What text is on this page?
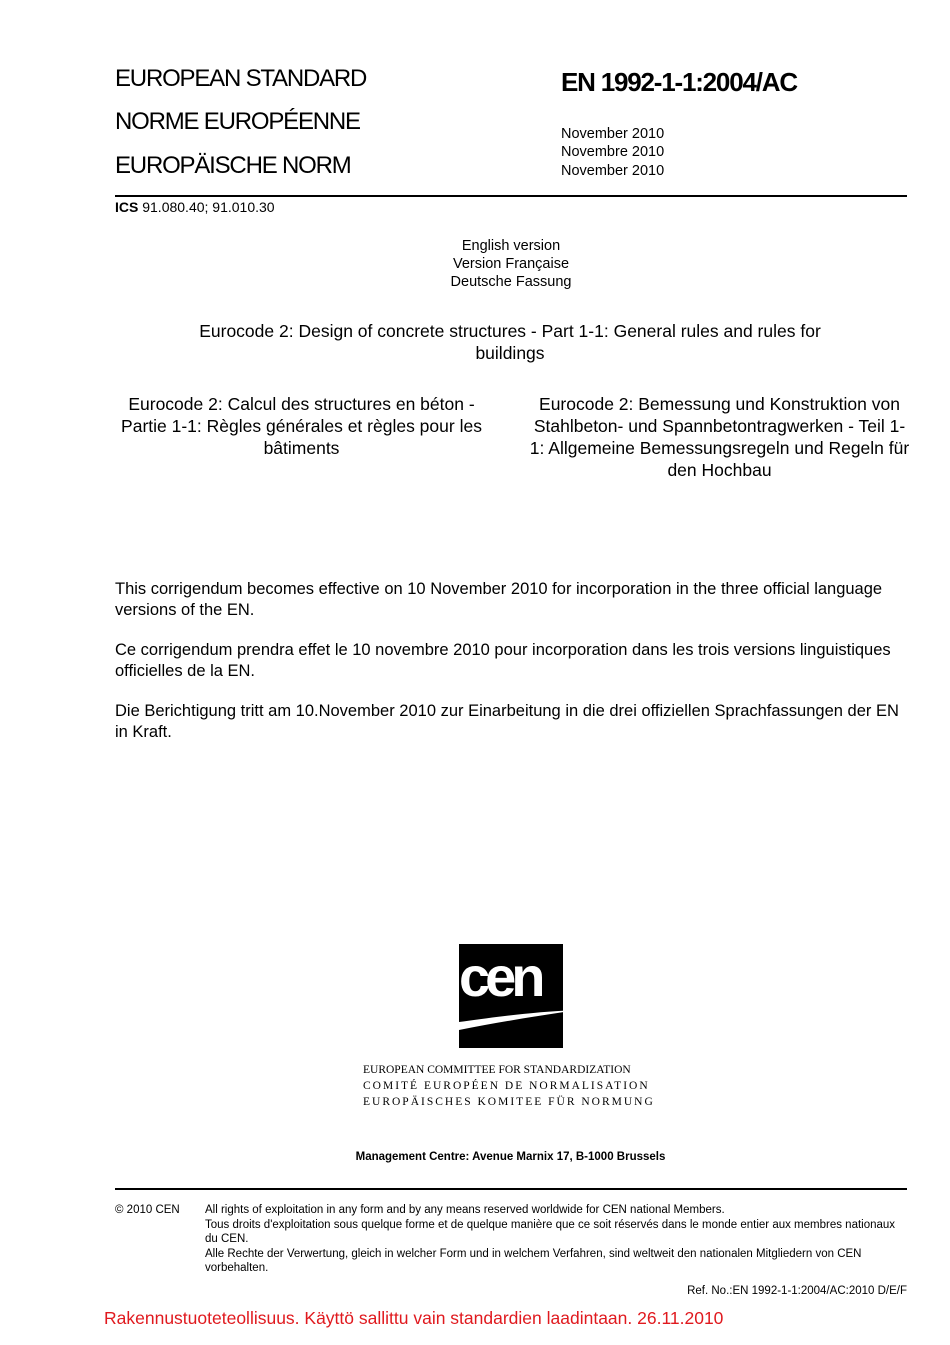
EUROPEAN STANDARD
NORME EUROPÉENNE
EUROPÄISCHE NORM
EN 1992-1-1:2004/AC
November 2010
Novembre 2010
November 2010
ICS 91.080.40; 91.010.30
English version
Version Française
Deutsche Fassung
Eurocode 2: Design of concrete structures - Part 1-1: General rules and rules for buildings
Eurocode 2: Calcul des structures en béton - Partie 1-1: Règles générales et règles pour les bâtiments
Eurocode 2: Bemessung und Konstruktion von Stahlbeton- und Spannbetontragwerken - Teil 1-1: Allgemeine Bemessungsregeln und Regeln für den Hochbau
This corrigendum becomes effective on 10 November 2010 for incorporation in the three official language versions of the EN.
Ce corrigendum prendra effet le 10 novembre 2010 pour incorporation dans les trois versions linguistiques officielles de la EN.
Die Berichtigung tritt am 10.November 2010 zur Einarbeitung in die drei offiziellen Sprachfassungen der EN in Kraft.
cen
EUROPEAN COMMITTEE FOR STANDARDIZATION
COMITÉ EUROPÉEN DE NORMALISATION
EUROPÄISCHES KOMITEE FÜR NORMUNG
Management Centre: Avenue Marnix 17, B-1000 Brussels
© 2010 CEN All rights of exploitation in any form and by any means reserved worldwide for CEN national Members.
Tous droits d'exploitation sous quelque forme et de quelque manière que ce soit réservés dans le monde entier aux membres nationaux du CEN.
Alle Rechte der Verwertung, gleich in welcher Form und in welchem Verfahren, sind weltweit den nationalen Mitgliedern von CEN vorbehalten.
Ref. No.:EN 1992-1-1:2004/AC:2010 D/E/F
Rakennustuoteteollisuus. Käyttö sallittu vain standardien laadintaan. 26.11.2010
